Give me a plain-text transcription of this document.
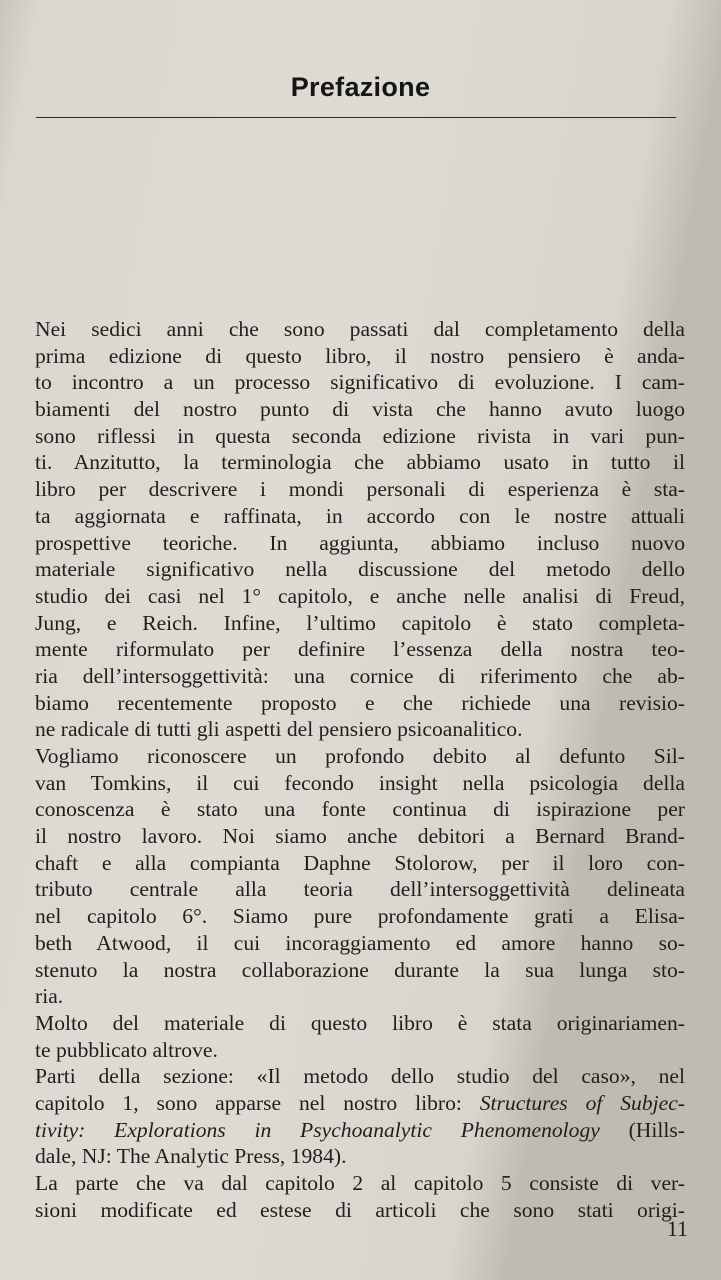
Prefazione
Nei sedici anni che sono passati dal completamento della
prima edizione di questo libro, il nostro pensiero è anda-
to incontro a un processo significativo di evoluzione. I cam-
biamenti del nostro punto di vista che hanno avuto luogo
sono riflessi in questa seconda edizione rivista in vari pun-
ti. Anzitutto, la terminologia che abbiamo usato in tutto il
libro per descrivere i mondi personali di esperienza è sta-
ta aggiornata e raffinata, in accordo con le nostre attuali
prospettive teoriche. In aggiunta, abbiamo incluso nuovo
materiale significativo nella discussione del metodo dello
studio dei casi nel 1° capitolo, e anche nelle analisi di Freud,
Jung, e Reich. Infine, l’ultimo capitolo è stato completa-
mente riformulato per definire l’essenza della nostra teo-
ria dell’intersoggettività: una cornice di riferimento che ab-
biamo recentemente proposto e che richiede una revisio-
ne radicale di tutti gli aspetti del pensiero psicoanalitico.
Vogliamo riconoscere un profondo debito al defunto Sil-
van Tomkins, il cui fecondo insight nella psicologia della
conoscenza è stato una fonte continua di ispirazione per
il nostro lavoro. Noi siamo anche debitori a Bernard Brand-
chaft e alla compianta Daphne Stolorow, per il loro con-
tributo centrale alla teoria dell’intersoggettività delineata
nel capitolo 6°. Siamo pure profondamente grati a Elisa-
beth Atwood, il cui incoraggiamento ed amore hanno so-
stenuto la nostra collaborazione durante la sua lunga sto-
ria.
Molto del materiale di questo libro è stata originariamen-
te pubblicato altrove.
Parti della sezione: «Il metodo dello studio del caso», nel
capitolo 1, sono apparse nel nostro libro: Structures of Subjec-
tivity: Explorations in Psychoanalytic Phenomenology (Hills-
dale, NJ: The Analytic Press, 1984).
La parte che va dal capitolo 2 al capitolo 5 consiste di ver-
sioni modificate ed estese di articoli che sono stati origi-
11
